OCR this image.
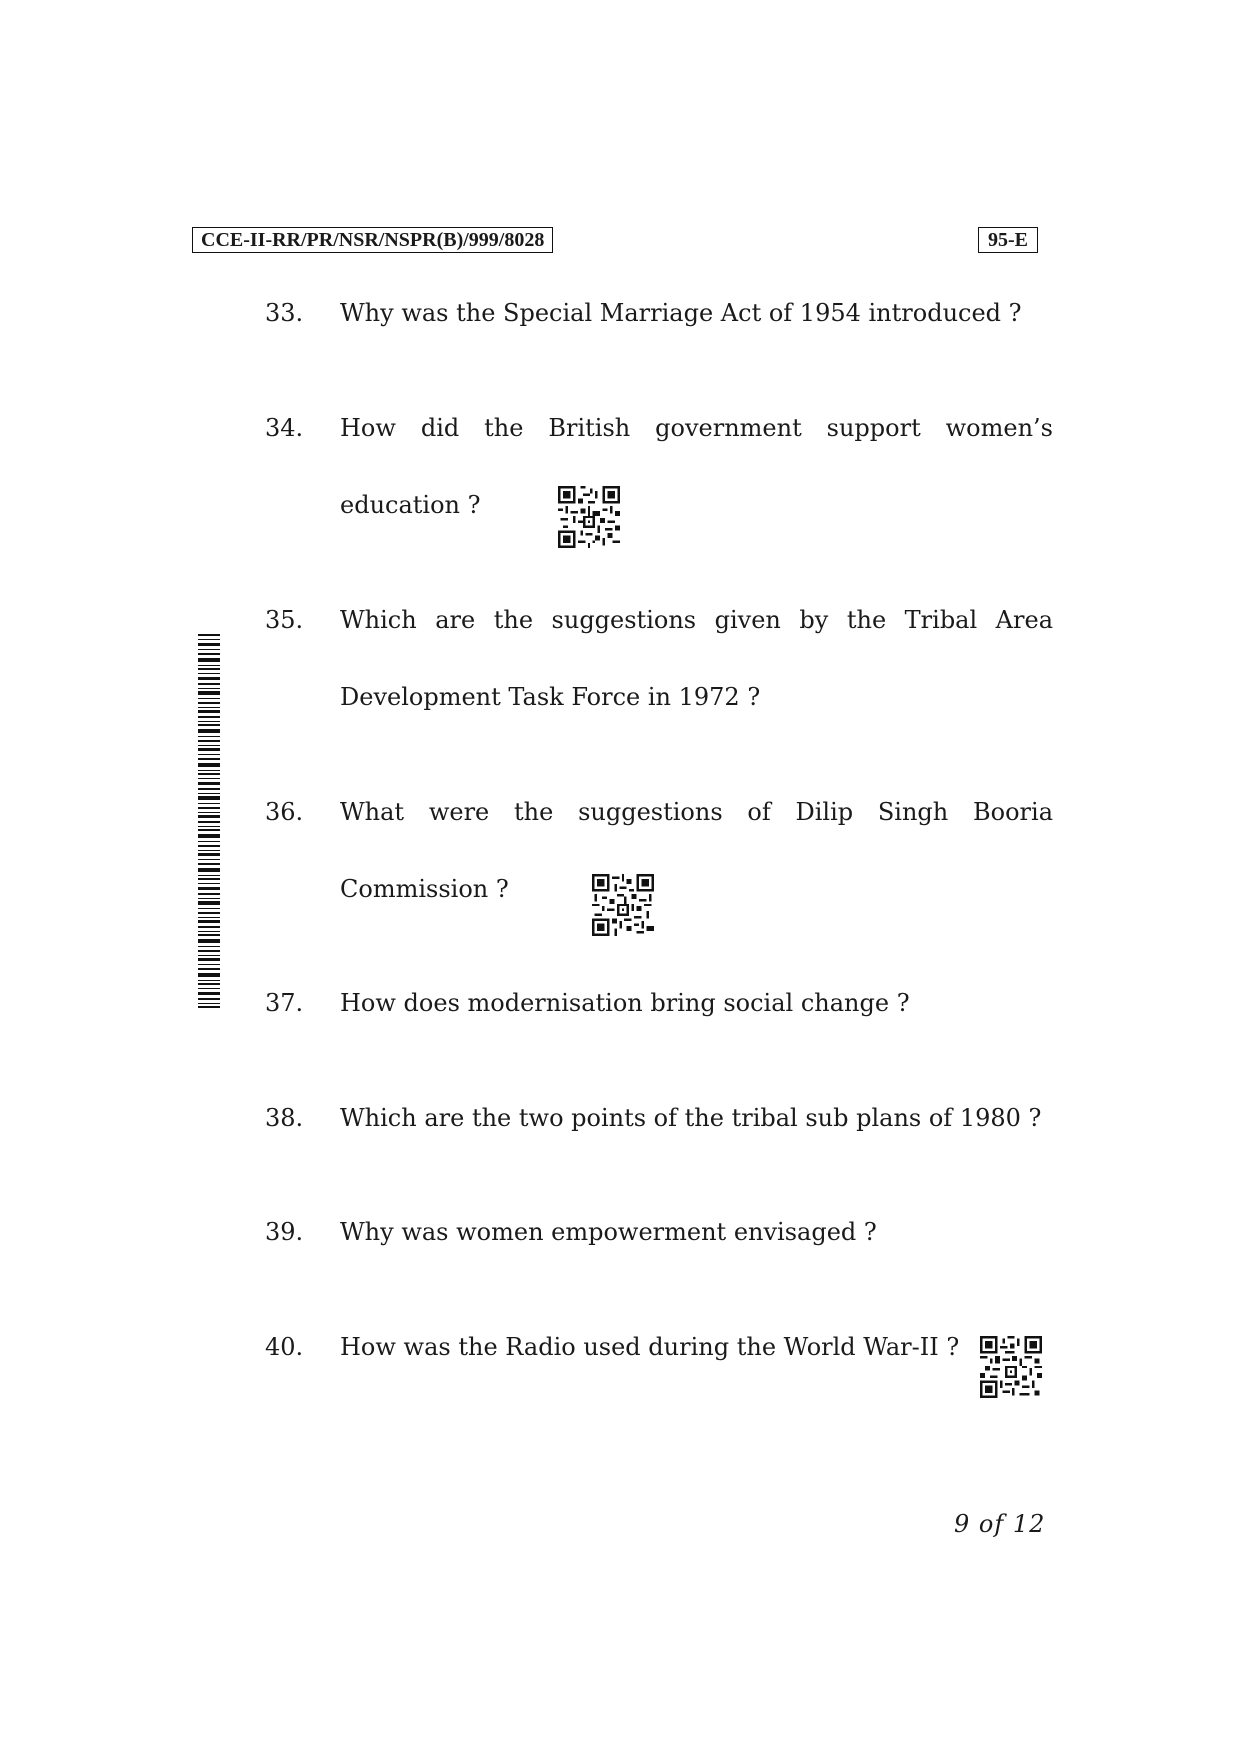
CCE-II-RR/PR/NSR/NSPR(B)/999/8028	95-E
33. Why was the Special Marriage Act of 1954 introduced ?
34. How did the British government support women’s
education ?
35. Which are the suggestions given by the Tribal Area
Development Task Force in 1972 ?
36. What were the suggestions of Dilip Singh Booria
Commission ?
37. How does modernisation bring social change ?
38. Which are the two points of the tribal sub plans of 1980 ?
39. Why was women empowerment envisaged ?
40. How was the Radio used during the World War-II ?
9 of 12
